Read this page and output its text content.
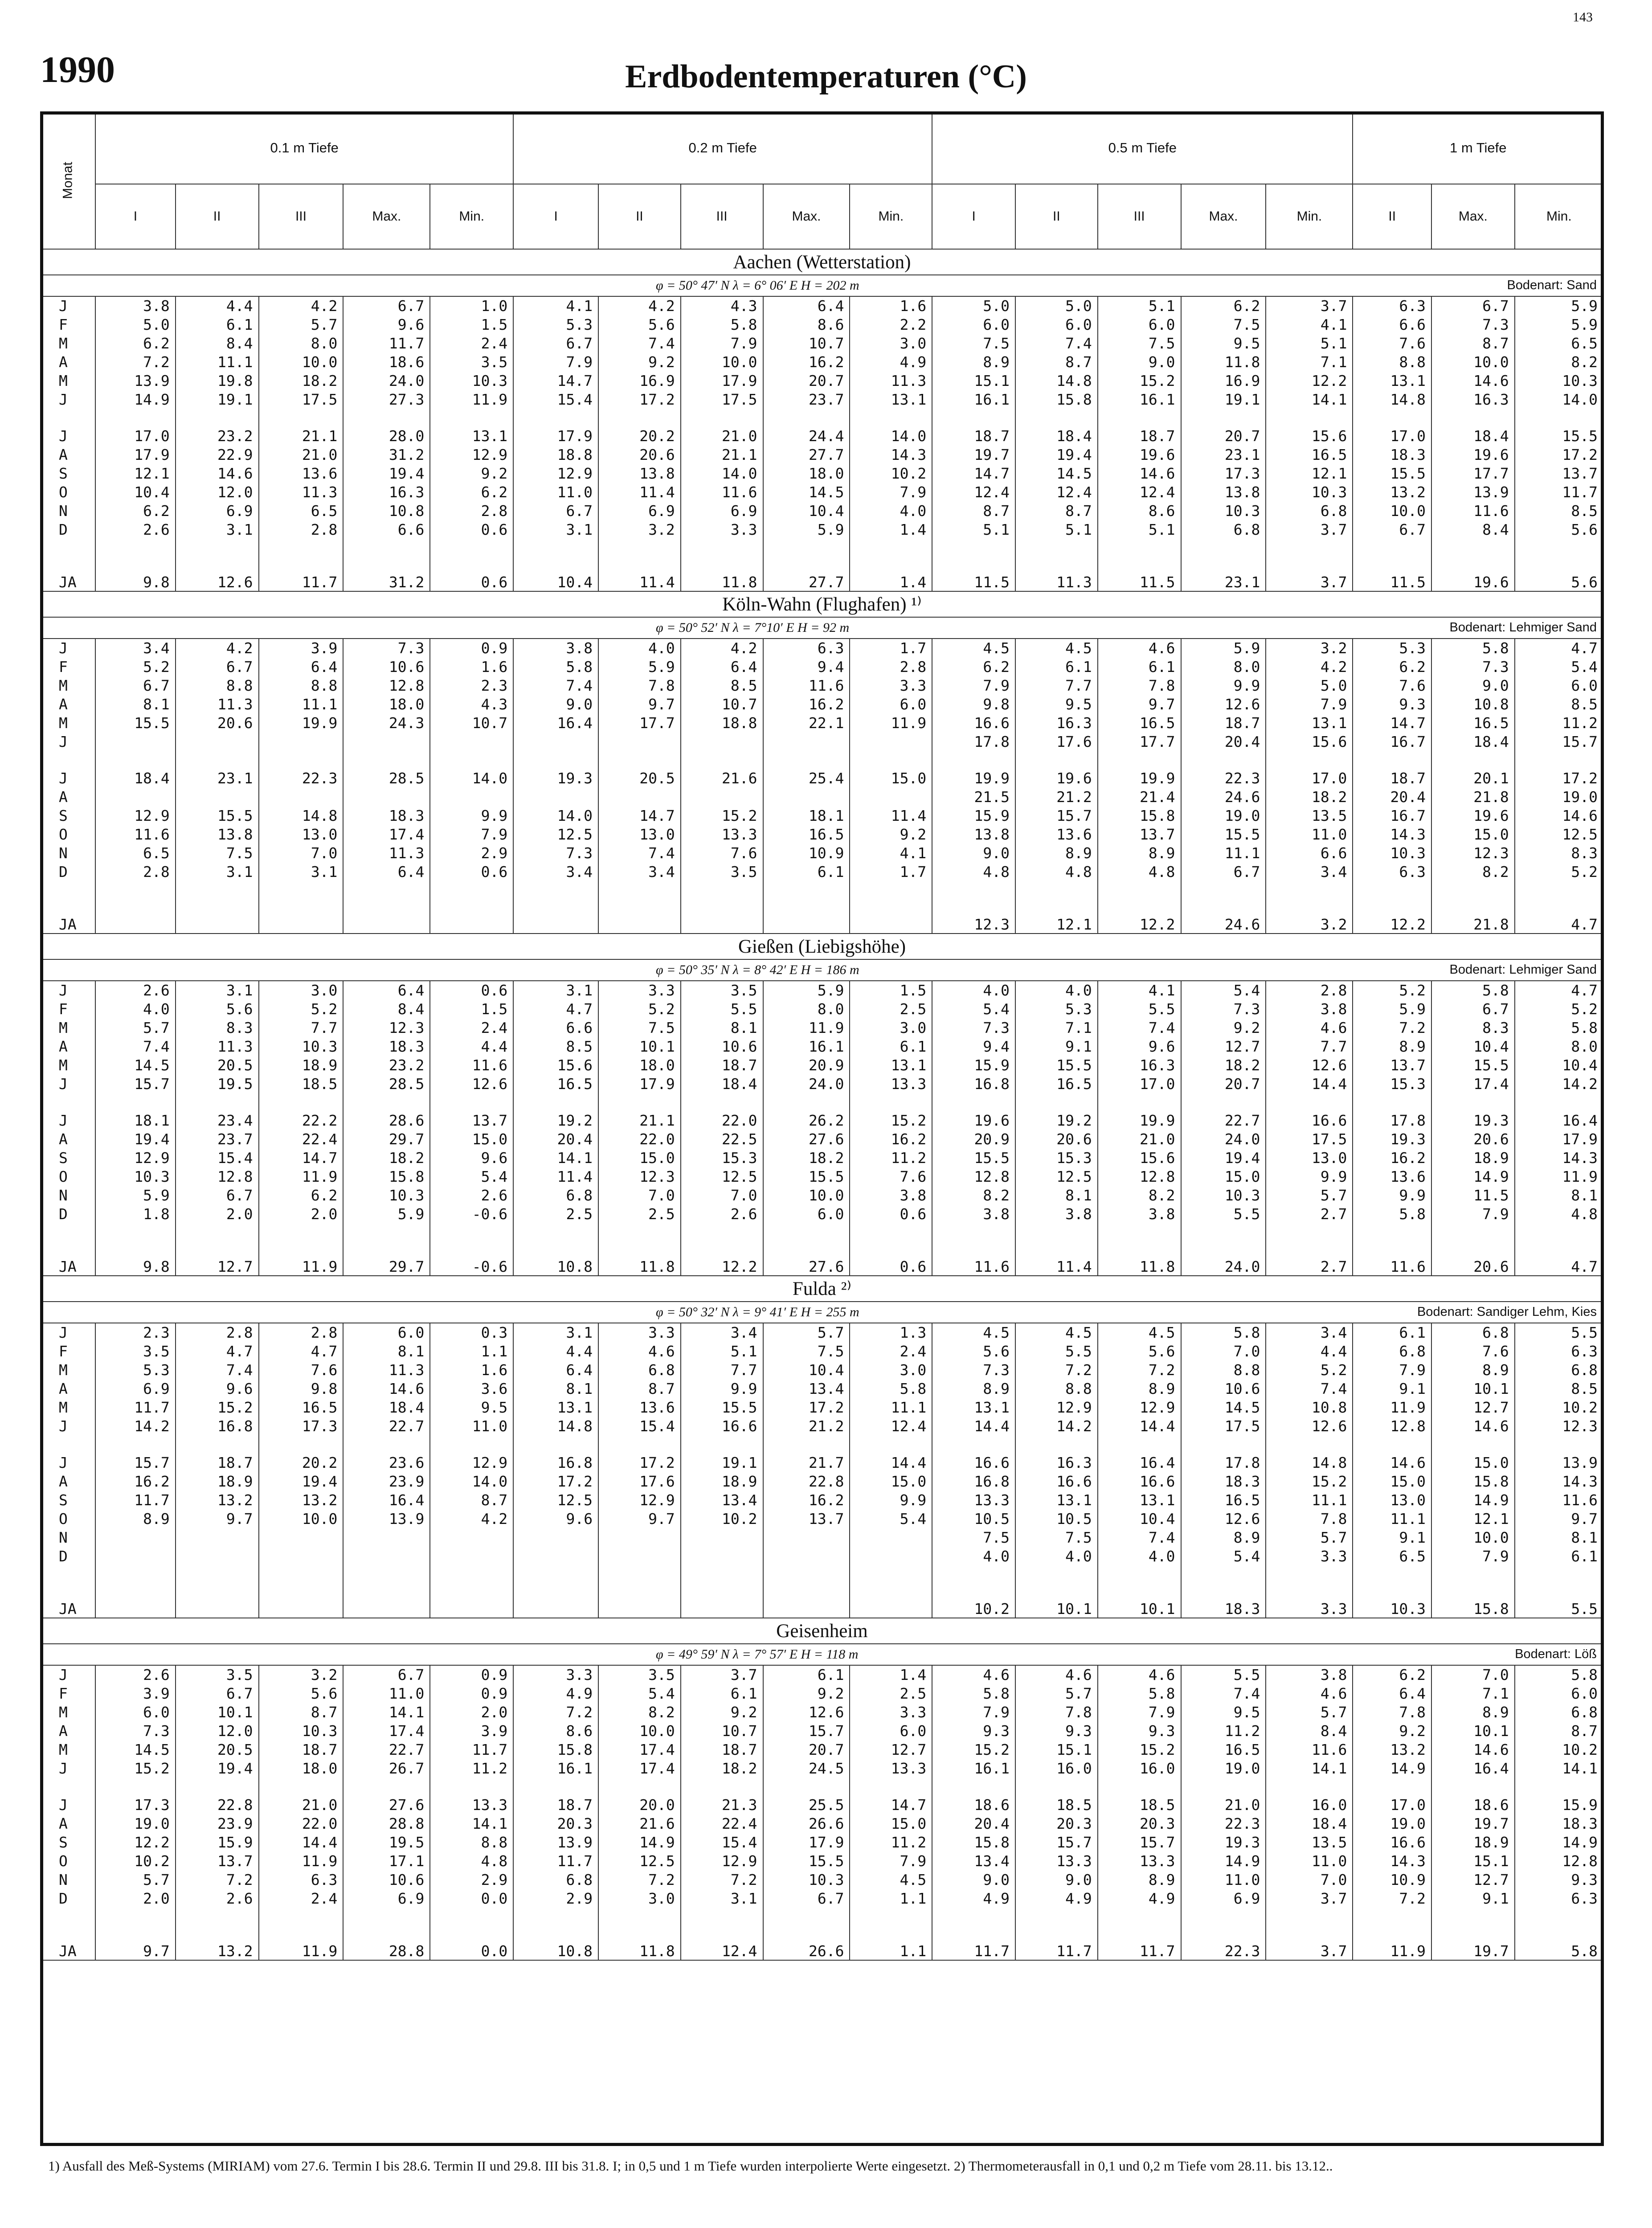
143
1990	Erdbodentemperaturen (°C)
Monat	0.1 m Tiefe					0.2 m Tiefe					0.5 m Tiefe					1 m Tiefe		
	I	II	III	Max.	Min.	I	II	III	Max.	Min.	I	II	III	Max.	Min.	II	Max.	Min.
Aachen (Wetterstation)																		

φ = 50° 47′ N λ = 6° 06′ E H = 202 m Bodenart: Sand																		

J	3.8	4.4	4.2	6.7	1.0	4.1	4.2	4.3	6.4	1.6	5.0	5.0	5.1	6.2	3.7	6.3	6.7	5.9
F	5.0	6.1	5.7	9.6	1.5	5.3	5.6	5.8	8.6	2.2	6.0	6.0	6.0	7.5	4.1	6.6	7.3	5.9
M	6.2	8.4	8.0	11.7	2.4	6.7	7.4	7.9	10.7	3.0	7.5	7.4	7.5	9.5	5.1	7.6	8.7	6.5
A	7.2	11.1	10.0	18.6	3.5	7.9	9.2	10.0	16.2	4.9	8.9	8.7	9.0	11.8	7.1	8.8	10.0	8.2
M	13.9	19.8	18.2	24.0	10.3	14.7	16.9	17.9	20.7	11.3	15.1	14.8	15.2	16.9	12.2	13.1	14.6	10.3
J	14.9	19.1	17.5	27.3	11.9	15.4	17.2	17.5	23.7	13.1	16.1	15.8	16.1	19.1	14.1	14.8	16.3	14.0

J	17.0	23.2	21.1	28.0	13.1	17.9	20.2	21.0	24.4	14.0	18.7	18.4	18.7	20.7	15.6	17.0	18.4	15.5
A	17.9	22.9	21.0	31.2	12.9	18.8	20.6	21.1	27.7	14.3	19.7	19.4	19.6	23.1	16.5	18.3	19.6	17.2
S	12.1	14.6	13.6	19.4	9.2	12.9	13.8	14.0	18.0	10.2	14.7	14.5	14.6	17.3	12.1	15.5	17.7	13.7
O	10.4	12.0	11.3	16.3	6.2	11.0	11.4	11.6	14.5	7.9	12.4	12.4	12.4	13.8	10.3	13.2	13.9	11.7
N	6.2	6.9	6.5	10.8	2.8	6.7	6.9	6.9	10.4	4.0	8.7	8.7	8.6	10.3	6.8	10.0	11.6	8.5
D	2.6	3.1	2.8	6.6	0.6	3.1	3.2	3.3	5.9	1.4	5.1	5.1	5.1	6.8	3.7	6.7	8.4	5.6

JA	9.8	12.6	11.7	31.2	0.6	10.4	11.4	11.8	27.7	1.4	11.5	11.3	11.5	23.1	3.7	11.5	19.6	5.6
Köln-Wahn (Flughafen) ¹⁾																		

φ = 50° 52′ N λ = 7°10′ E H = 92 m Bodenart: Lehmiger Sand																		

J	3.4	4.2	3.9	7.3	0.9	3.8	4.0	4.2	6.3	1.7	4.5	4.5	4.6	5.9	3.2	5.3	5.8	4.7
F	5.2	6.7	6.4	10.6	1.6	5.8	5.9	6.4	9.4	2.8	6.2	6.1	6.1	8.0	4.2	6.2	7.3	5.4
M	6.7	8.8	8.8	12.8	2.3	7.4	7.8	8.5	11.6	3.3	7.9	7.7	7.8	9.9	5.0	7.6	9.0	6.0
A	8.1	11.3	11.1	18.0	4.3	9.0	9.7	10.7	16.2	6.0	9.8	9.5	9.7	12.6	7.9	9.3	10.8	8.5
M	15.5	20.6	19.9	24.3	10.7	16.4	17.7	18.8	22.1	11.9	16.6	16.3	16.5	18.7	13.1	14.7	16.5	11.2
J											17.8	17.6	17.7	20.4	15.6	16.7	18.4	15.7

J	18.4	23.1	22.3	28.5	14.0	19.3	20.5	21.6	25.4	15.0	19.9	19.6	19.9	22.3	17.0	18.7	20.1	17.2
A											21.5	21.2	21.4	24.6	18.2	20.4	21.8	19.0
S	12.9	15.5	14.8	18.3	9.9	14.0	14.7	15.2	18.1	11.4	15.9	15.7	15.8	19.0	13.5	16.7	19.6	14.6
O	11.6	13.8	13.0	17.4	7.9	12.5	13.0	13.3	16.5	9.2	13.8	13.6	13.7	15.5	11.0	14.3	15.0	12.5
N	6.5	7.5	7.0	11.3	2.9	7.3	7.4	7.6	10.9	4.1	9.0	8.9	8.9	11.1	6.6	10.3	12.3	8.3
D	2.8	3.1	3.1	6.4	0.6	3.4	3.4	3.5	6.1	1.7	4.8	4.8	4.8	6.7	3.4	6.3	8.2	5.2

JA											12.3	12.1	12.2	24.6	3.2	12.2	21.8	4.7
Gießen (Liebigshöhe)																		

φ = 50° 35′ N λ = 8° 42′ E H = 186 m Bodenart: Lehmiger Sand																		

J	2.6	3.1	3.0	6.4	0.6	3.1	3.3	3.5	5.9	1.5	4.0	4.0	4.1	5.4	2.8	5.2	5.8	4.7
F	4.0	5.6	5.2	8.4	1.5	4.7	5.2	5.5	8.0	2.5	5.4	5.3	5.5	7.3	3.8	5.9	6.7	5.2
M	5.7	8.3	7.7	12.3	2.4	6.6	7.5	8.1	11.9	3.0	7.3	7.1	7.4	9.2	4.6	7.2	8.3	5.8
A	7.4	11.3	10.3	18.3	4.4	8.5	10.1	10.6	16.1	6.1	9.4	9.1	9.6	12.7	7.7	8.9	10.4	8.0
M	14.5	20.5	18.9	23.2	11.6	15.6	18.0	18.7	20.9	13.1	15.9	15.5	16.3	18.2	12.6	13.7	15.5	10.4
J	15.7	19.5	18.5	28.5	12.6	16.5	17.9	18.4	24.0	13.3	16.8	16.5	17.0	20.7	14.4	15.3	17.4	14.2

J	18.1	23.4	22.2	28.6	13.7	19.2	21.1	22.0	26.2	15.2	19.6	19.2	19.9	22.7	16.6	17.8	19.3	16.4
A	19.4	23.7	22.4	29.7	15.0	20.4	22.0	22.5	27.6	16.2	20.9	20.6	21.0	24.0	17.5	19.3	20.6	17.9
S	12.9	15.4	14.7	18.2	9.6	14.1	15.0	15.3	18.2	11.2	15.5	15.3	15.6	19.4	13.0	16.2	18.9	14.3
O	10.3	12.8	11.9	15.8	5.4	11.4	12.3	12.5	15.5	7.6	12.8	12.5	12.8	15.0	9.9	13.6	14.9	11.9
N	5.9	6.7	6.2	10.3	2.6	6.8	7.0	7.0	10.0	3.8	8.2	8.1	8.2	10.3	5.7	9.9	11.5	8.1
D	1.8	2.0	2.0	5.9	-0.6	2.5	2.5	2.6	6.0	0.6	3.8	3.8	3.8	5.5	2.7	5.8	7.9	4.8

JA	9.8	12.7	11.9	29.7	-0.6	10.8	11.8	12.2	27.6	0.6	11.6	11.4	11.8	24.0	2.7	11.6	20.6	4.7
Fulda ²⁾																		

φ = 50° 32′ N λ = 9° 41′ E H = 255 m Bodenart: Sandiger Lehm, Kies																		

J	2.3	2.8	2.8	6.0	0.3	3.1	3.3	3.4	5.7	1.3	4.5	4.5	4.5	5.8	3.4	6.1	6.8	5.5
F	3.5	4.7	4.7	8.1	1.1	4.4	4.6	5.1	7.5	2.4	5.6	5.5	5.6	7.0	4.4	6.8	7.6	6.3
M	5.3	7.4	7.6	11.3	1.6	6.4	6.8	7.7	10.4	3.0	7.3	7.2	7.2	8.8	5.2	7.9	8.9	6.8
A	6.9	9.6	9.8	14.6	3.6	8.1	8.7	9.9	13.4	5.8	8.9	8.8	8.9	10.6	7.4	9.1	10.1	8.5
M	11.7	15.2	16.5	18.4	9.5	13.1	13.6	15.5	17.2	11.1	13.1	12.9	12.9	14.5	10.8	11.9	12.7	10.2
J	14.2	16.8	17.3	22.7	11.0	14.8	15.4	16.6	21.2	12.4	14.4	14.2	14.4	17.5	12.6	12.8	14.6	12.3

J	15.7	18.7	20.2	23.6	12.9	16.8	17.2	19.1	21.7	14.4	16.6	16.3	16.4	17.8	14.8	14.6	15.0	13.9
A	16.2	18.9	19.4	23.9	14.0	17.2	17.6	18.9	22.8	15.0	16.8	16.6	16.6	18.3	15.2	15.0	15.8	14.3
S	11.7	13.2	13.2	16.4	8.7	12.5	12.9	13.4	16.2	9.9	13.3	13.1	13.1	16.5	11.1	13.0	14.9	11.6
O	8.9	9.7	10.0	13.9	4.2	9.6	9.7	10.2	13.7	5.4	10.5	10.5	10.4	12.6	7.8	11.1	12.1	9.7
N											7.5	7.5	7.4	8.9	5.7	9.1	10.0	8.1
D											4.0	4.0	4.0	5.4	3.3	6.5	7.9	6.1

JA											10.2	10.1	10.1	18.3	3.3	10.3	15.8	5.5
Geisenheim																		

φ = 49° 59′ N λ = 7° 57′ E H = 118 m Bodenart: Löß																		

J	2.6	3.5	3.2	6.7	0.9	3.3	3.5	3.7	6.1	1.4	4.6	4.6	4.6	5.5	3.8	6.2	7.0	5.8
F	3.9	6.7	5.6	11.0	0.9	4.9	5.4	6.1	9.2	2.5	5.8	5.7	5.8	7.4	4.6	6.4	7.1	6.0
M	6.0	10.1	8.7	14.1	2.0	7.2	8.2	9.2	12.6	3.3	7.9	7.8	7.9	9.5	5.7	7.8	8.9	6.8
A	7.3	12.0	10.3	17.4	3.9	8.6	10.0	10.7	15.7	6.0	9.3	9.3	9.3	11.2	8.4	9.2	10.1	8.7
M	14.5	20.5	18.7	22.7	11.7	15.8	17.4	18.7	20.7	12.7	15.2	15.1	15.2	16.5	11.6	13.2	14.6	10.2
J	15.2	19.4	18.0	26.7	11.2	16.1	17.4	18.2	24.5	13.3	16.1	16.0	16.0	19.0	14.1	14.9	16.4	14.1

J	17.3	22.8	21.0	27.6	13.3	18.7	20.0	21.3	25.5	14.7	18.6	18.5	18.5	21.0	16.0	17.0	18.6	15.9
A	19.0	23.9	22.0	28.8	14.1	20.3	21.6	22.4	26.6	15.0	20.4	20.3	20.3	22.3	18.4	19.0	19.7	18.3
S	12.2	15.9	14.4	19.5	8.8	13.9	14.9	15.4	17.9	11.2	15.8	15.7	15.7	19.3	13.5	16.6	18.9	14.9
O	10.2	13.7	11.9	17.1	4.8	11.7	12.5	12.9	15.5	7.9	13.4	13.3	13.3	14.9	11.0	14.3	15.1	12.8
N	5.7	7.2	6.3	10.6	2.9	6.8	7.2	7.2	10.3	4.5	9.0	9.0	8.9	11.0	7.0	10.9	12.7	9.3
D	2.0	2.6	2.4	6.9	0.0	2.9	3.0	3.1	6.7	1.1	4.9	4.9	4.9	6.9	3.7	7.2	9.1	6.3

JA	9.7	13.2	11.9	28.8	0.0	10.8	11.8	12.4	26.6	1.1	11.7	11.7	11.7	22.3	3.7	11.9	19.7	5.8
1) Ausfall des Meß-Systems (MIRIAM) vom 27.6. Termin I bis 28.6. Termin II und 29.8. III bis 31.8. I; in 0,5 und 1 m Tiefe wurden interpolierte Werte eingesetzt. 2) Thermometerausfall in 0,1 und 0,2 m Tiefe vom 28.11. bis 13.12..
